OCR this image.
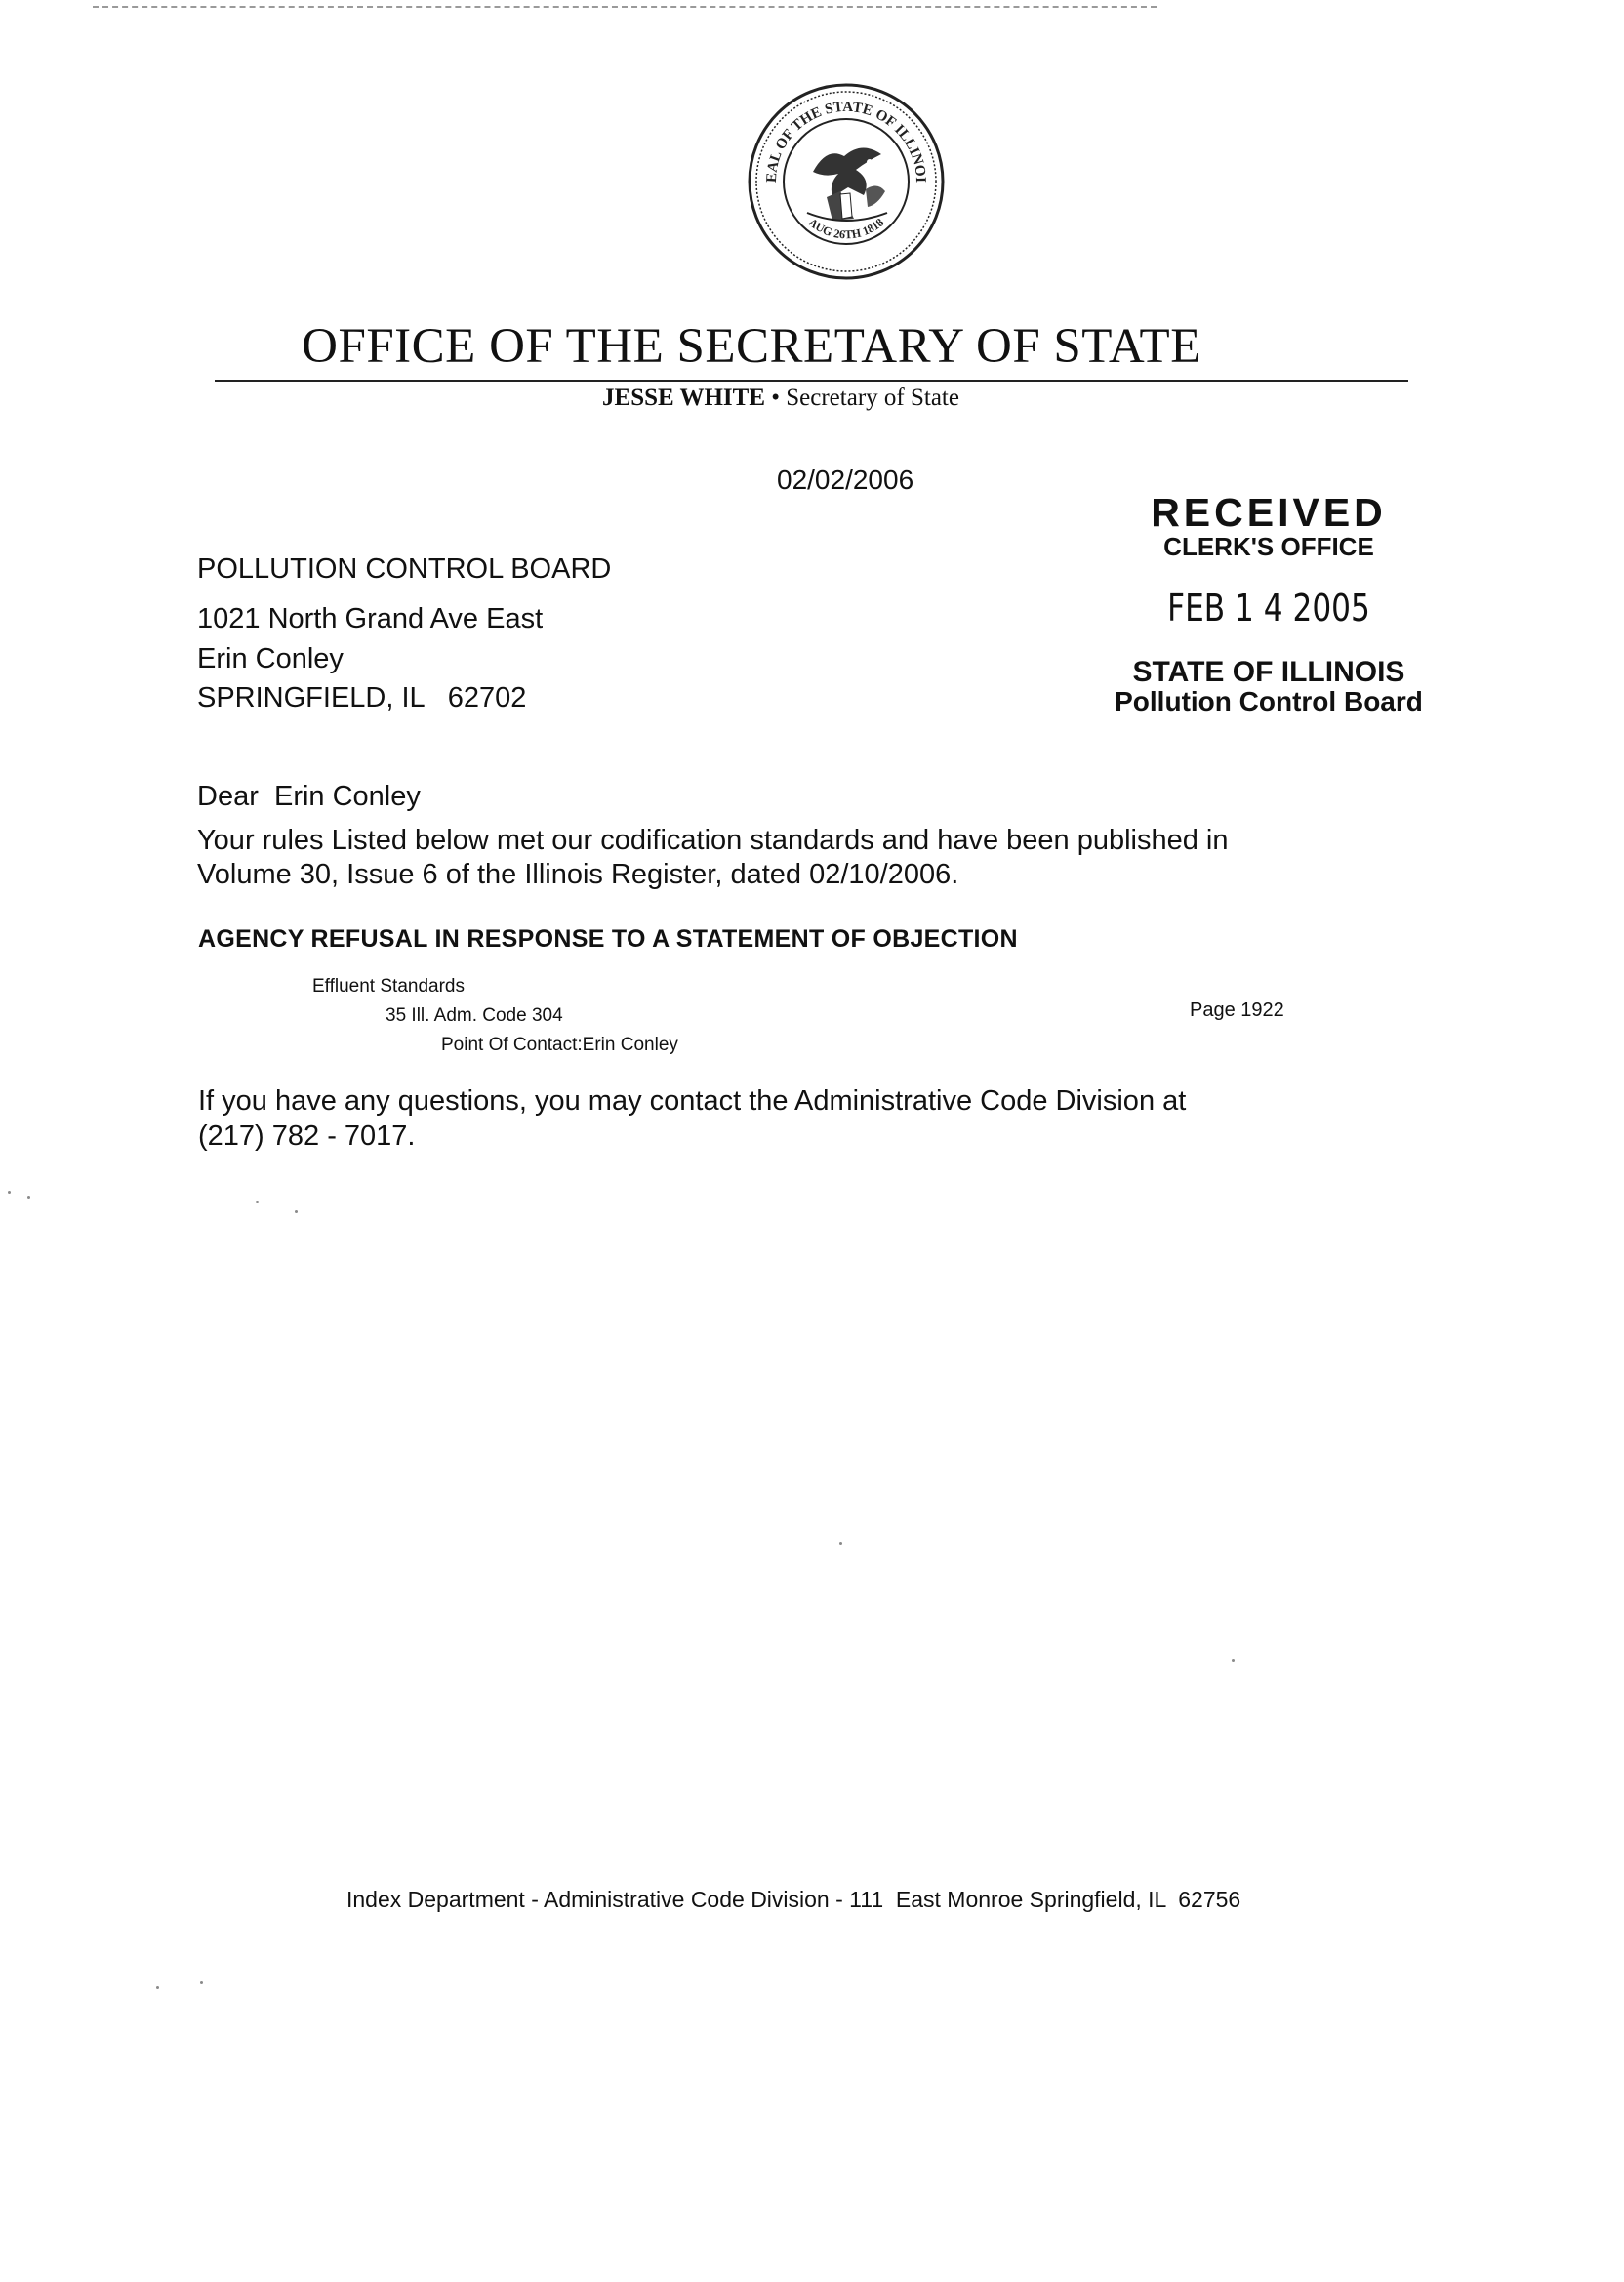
EAL OF THE STATE OF ILLINOI
AUG 26TH 1818
OFFICE OF THE SECRETARY OF STATE
JESSE WHITE • Secretary of State
02/02/2006
RECEIVED
CLERK'S OFFICE
FEB 1 4 2005
STATE OF ILLINOIS
Pollution Control Board
POLLUTION CONTROL BOARD
1021 North Grand Ave East
Erin Conley
SPRINGFIELD, IL   62702
Dear  Erin Conley
Your rules Listed below met our codification standards and have been published in
Volume 30, Issue 6 of the Illinois Register, dated 02/10/2006.
AGENCY REFUSAL IN RESPONSE TO A STATEMENT OF OBJECTION
Effluent Standards
35 Ill. Adm. Code 304
Point Of Contact:Erin Conley
Page 1922
If you have any questions, you may contact the Administrative Code Division at
(217) 782 - 7017.
Index Department - Administrative Code Division - 111  East Monroe Springfield, IL  62756
